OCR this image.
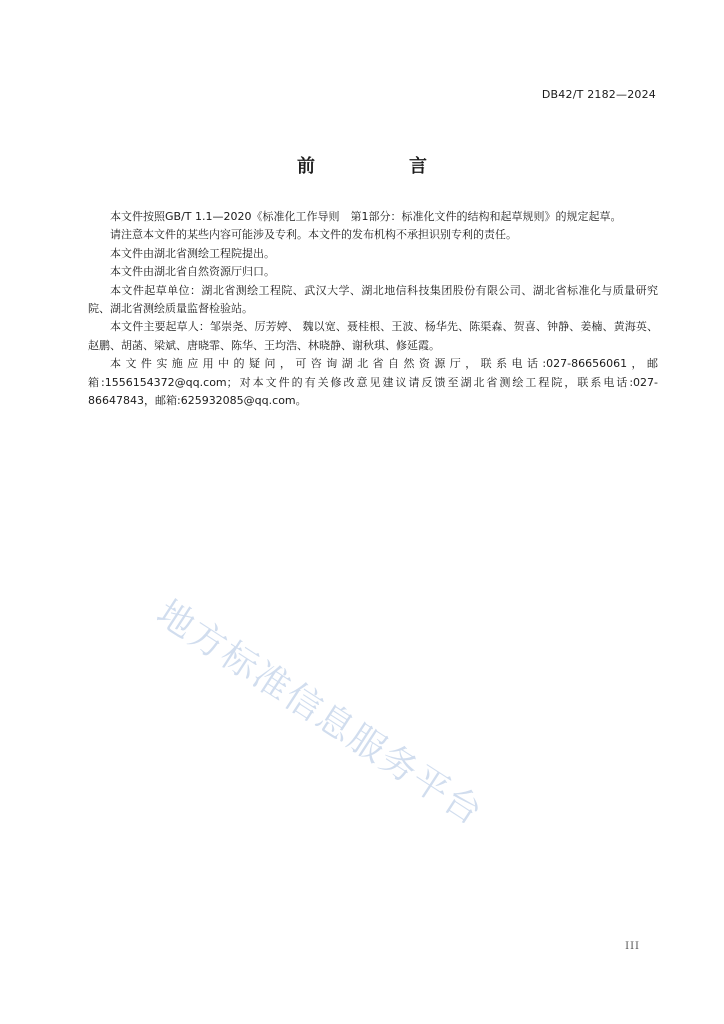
DB42/T 2182—2024
前　言

本文件按照GB/T 1.1—2020《标准化工作导则　第1部分：标准化文件的结构和起草规则》的规定起草。

请注意本文件的某些内容可能涉及专利。本文件的发布机构不承担识别专利的责任。

本文件由湖北省测绘工程院提出。

本文件由湖北省自然资源厅归口。

本文件起草单位：湖北省测绘工程院、武汉大学、湖北地信科技集团股份有限公司、湖北省标准化与质量研究院、湖北省测绘质量监督检验站。

本文件主要起草人：邹崇尧、厉芳婷、 魏以宽、聂桂根、王波、杨华先、陈渠森、贺喜、钟静、姜楠、黄海英、赵鹏、胡菡、梁斌、唐晓霏、陈华、王均浩、林晓静、谢秋琪、修延霞。

本文件实施应用中的疑问，可咨询湖北省自然资源厅，联系电话:027-86656061，邮箱:1556154372@qq.com；对本文件的有关修改意见建议请反馈至湖北省测绘工程院，联系电话:027-86647843，邮箱:625932085@qq.com。

地方标准信息服务平台
III
